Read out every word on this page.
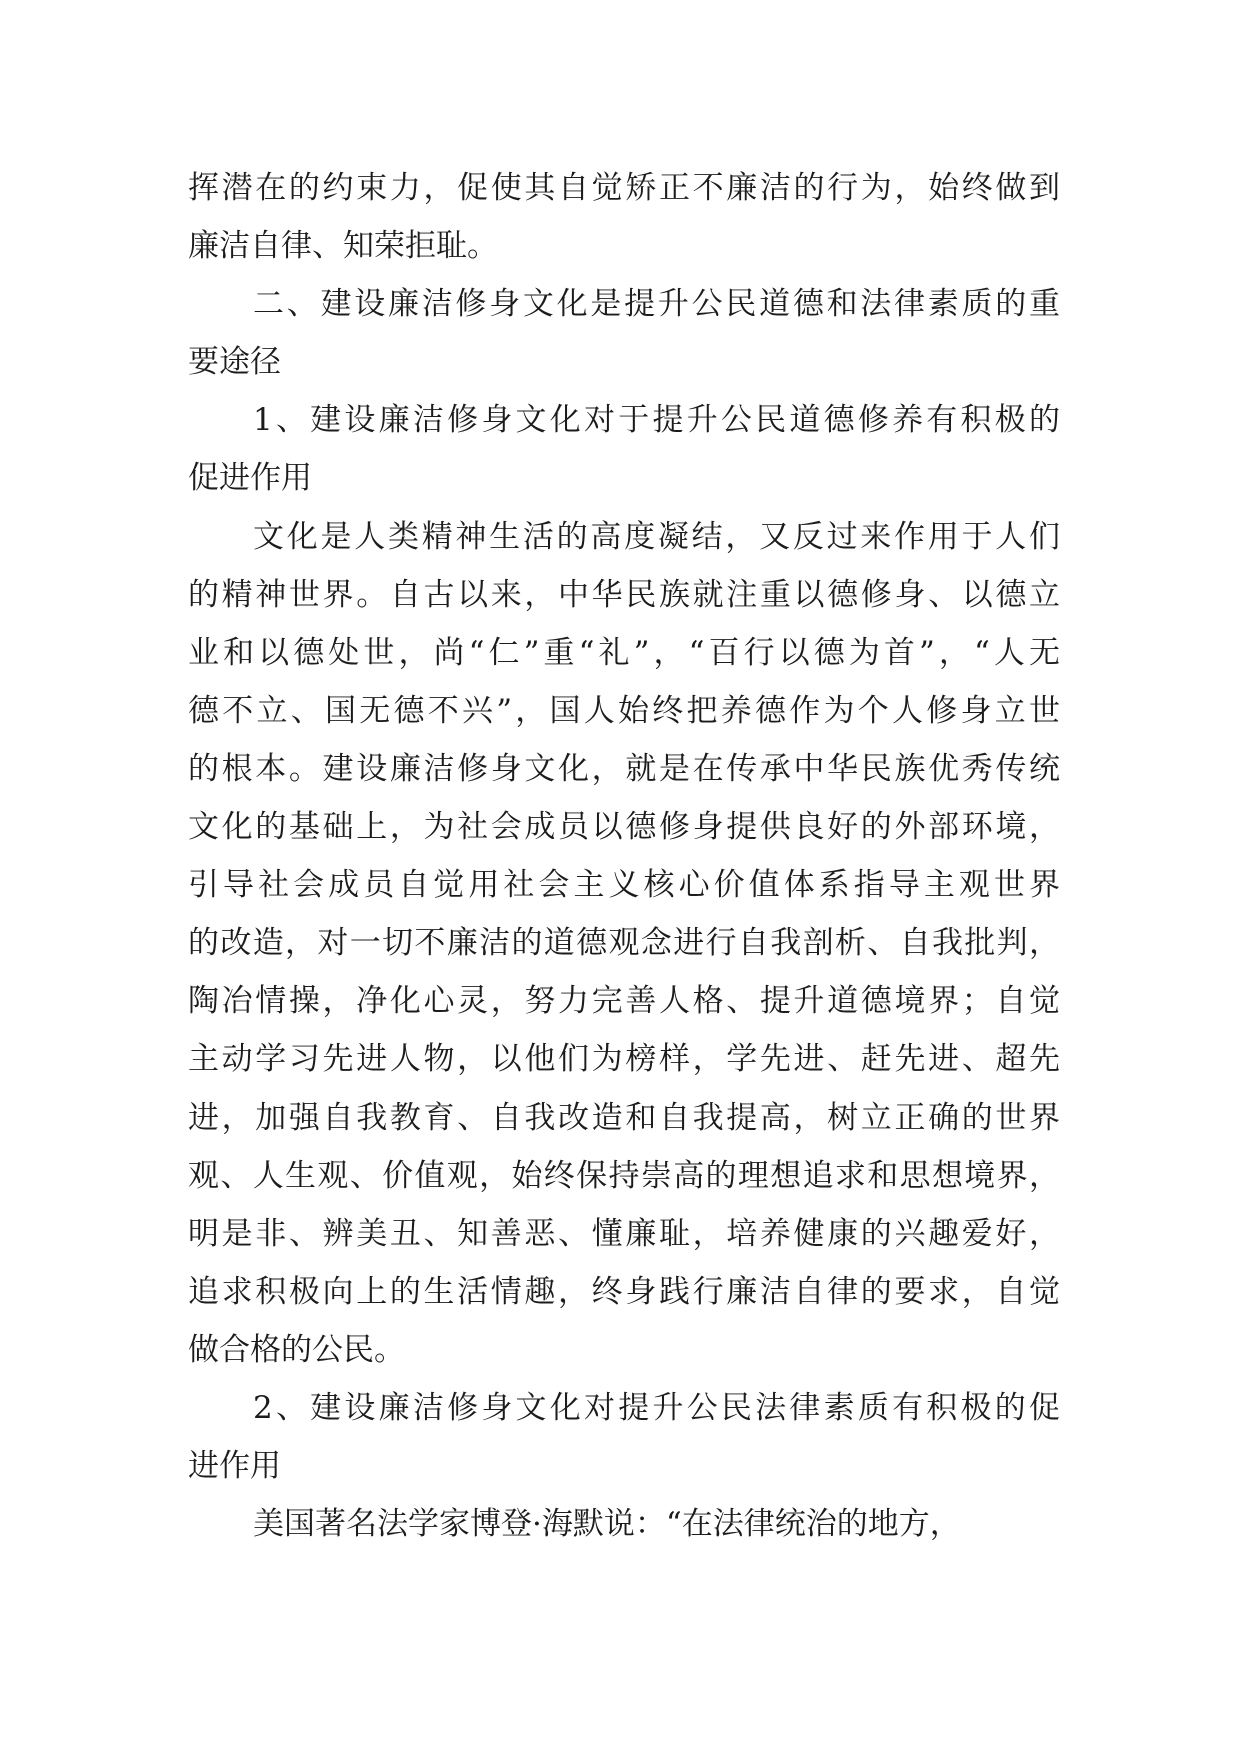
挥潜在的约束力，促使其自觉矫正不廉洁的行为，始终做到
廉洁自律、知荣拒耻。
二、建设廉洁修身文化是提升公民道德和法律素质的重
要途径
1、建设廉洁修身文化对于提升公民道德修养有积极的
促进作用
文化是人类精神生活的高度凝结，又反过来作用于人们
的精神世界。自古以来，中华民族就注重以德修身、以德立
业和以德处世，尚“仁”重“礼”，“百行以德为首”，“人无
德不立、国无德不兴”，国人始终把养德作为个人修身立世
的根本。建设廉洁修身文化，就是在传承中华民族优秀传统
文化的基础上，为社会成员以德修身提供良好的外部环境，
引导社会成员自觉用社会主义核心价值体系指导主观世界
的改造，对一切不廉洁的道德观念进行自我剖析、自我批判，
陶冶情操，净化心灵，努力完善人格、提升道德境界；自觉
主动学习先进人物，以他们为榜样，学先进、赶先进、超先
进，加强自我教育、自我改造和自我提高，树立正确的世界
观、人生观、价值观，始终保持崇高的理想追求和思想境界，
明是非、辨美丑、知善恶、懂廉耻，培养健康的兴趣爱好，
追求积极向上的生活情趣，终身践行廉洁自律的要求，自觉
做合格的公民。
2、建设廉洁修身文化对提升公民法律素质有积极的促
进作用
美国著名法学家博登·海默说：“在法律统治的地方，
